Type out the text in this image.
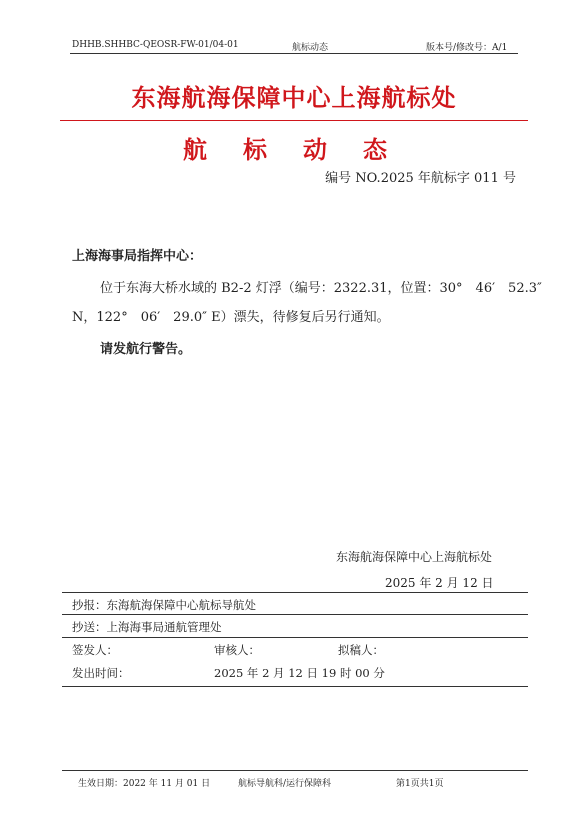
DHHB.SHHBC-QEOSR-FW-01/04-01	航标动态	版本号/修改号：A/1
东海航海保障中心上海航标处
航标动态
编号 NO.2025 年航标字 011 号
上海海事局指挥中心：
位于东海大桥水域的 B2-2 灯浮（编号：2322.31，位置：30°　46′　52.3″
N，122°　06′　29.0″ E）漂失，待修复后另行通知。
请发航行警告。
东海航海保障中心上海航标处
2025 年 2 月 12 日
抄报：东海航海保障中心航标导航处
抄送：上海海事局通航管理处
签发人：	审核人：	拟稿人：
发出时间：	2025 年 2 月 12 日 19 时 00 分
生效日期：2022 年 11 月 01 日	航标导航科/运行保障科	第1页共1页
